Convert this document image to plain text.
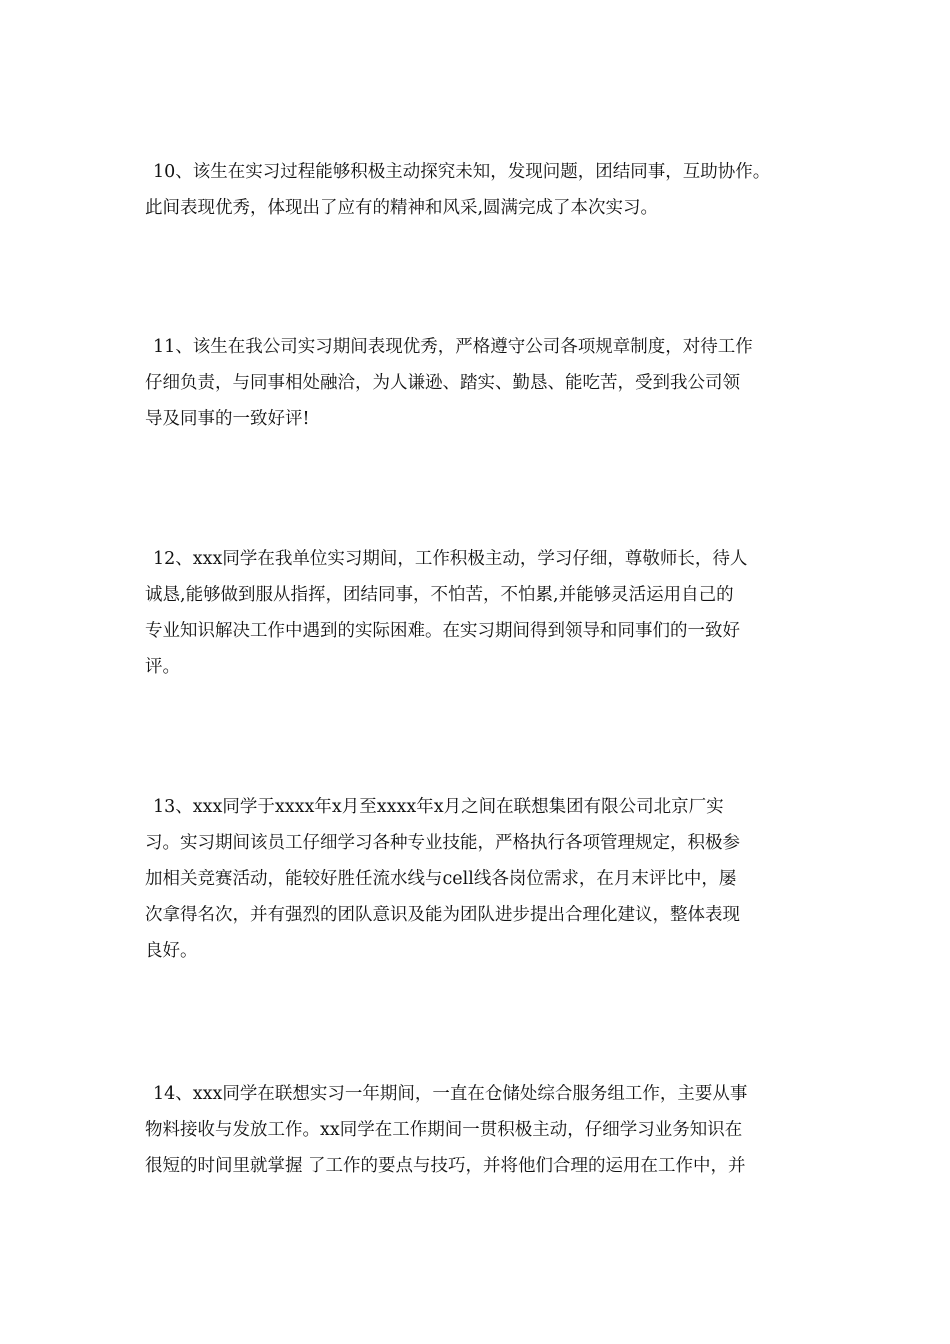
10、该生在实习过程能够积极主动探究未知，发现问题，团结同事，互助协作。
此间表现优秀，体现出了应有的精神和风采,圆满完成了本次实习。
11、该生在我公司实习期间表现优秀，严格遵守公司各项规章制度，对待工作
仔细负责，与同事相处融洽，为人谦逊、踏实、勤恳、能吃苦，受到我公司领
导及同事的一致好评!
12、xxx同学在我单位实习期间，工作积极主动，学习仔细，尊敬师长，待人
诚恳,能够做到服从指挥，团结同事，不怕苦，不怕累,并能够灵活运用自己的
专业知识解决工作中遇到的实际困难。在实习期间得到领导和同事们的一致好
评。
13、xxx同学于xxxx年x月至xxxx年x月之间在联想集团有限公司北京厂实
习。实习期间该员工仔细学习各种专业技能，严格执行各项管理规定，积极参
加相关竞赛活动，能较好胜任流水线与cell线各岗位需求，在月末评比中，屡
次拿得名次，并有强烈的团队意识及能为团队进步提出合理化建议，整体表现
良好。
14、xxx同学在联想实习一年期间，一直在仓储处综合服务组工作，主要从事
物料接收与发放工作。xx同学在工作期间一贯积极主动，仔细学习业务知识在
很短的时间里就掌握 了工作的要点与技巧，并将他们合理的运用在工作中，并
